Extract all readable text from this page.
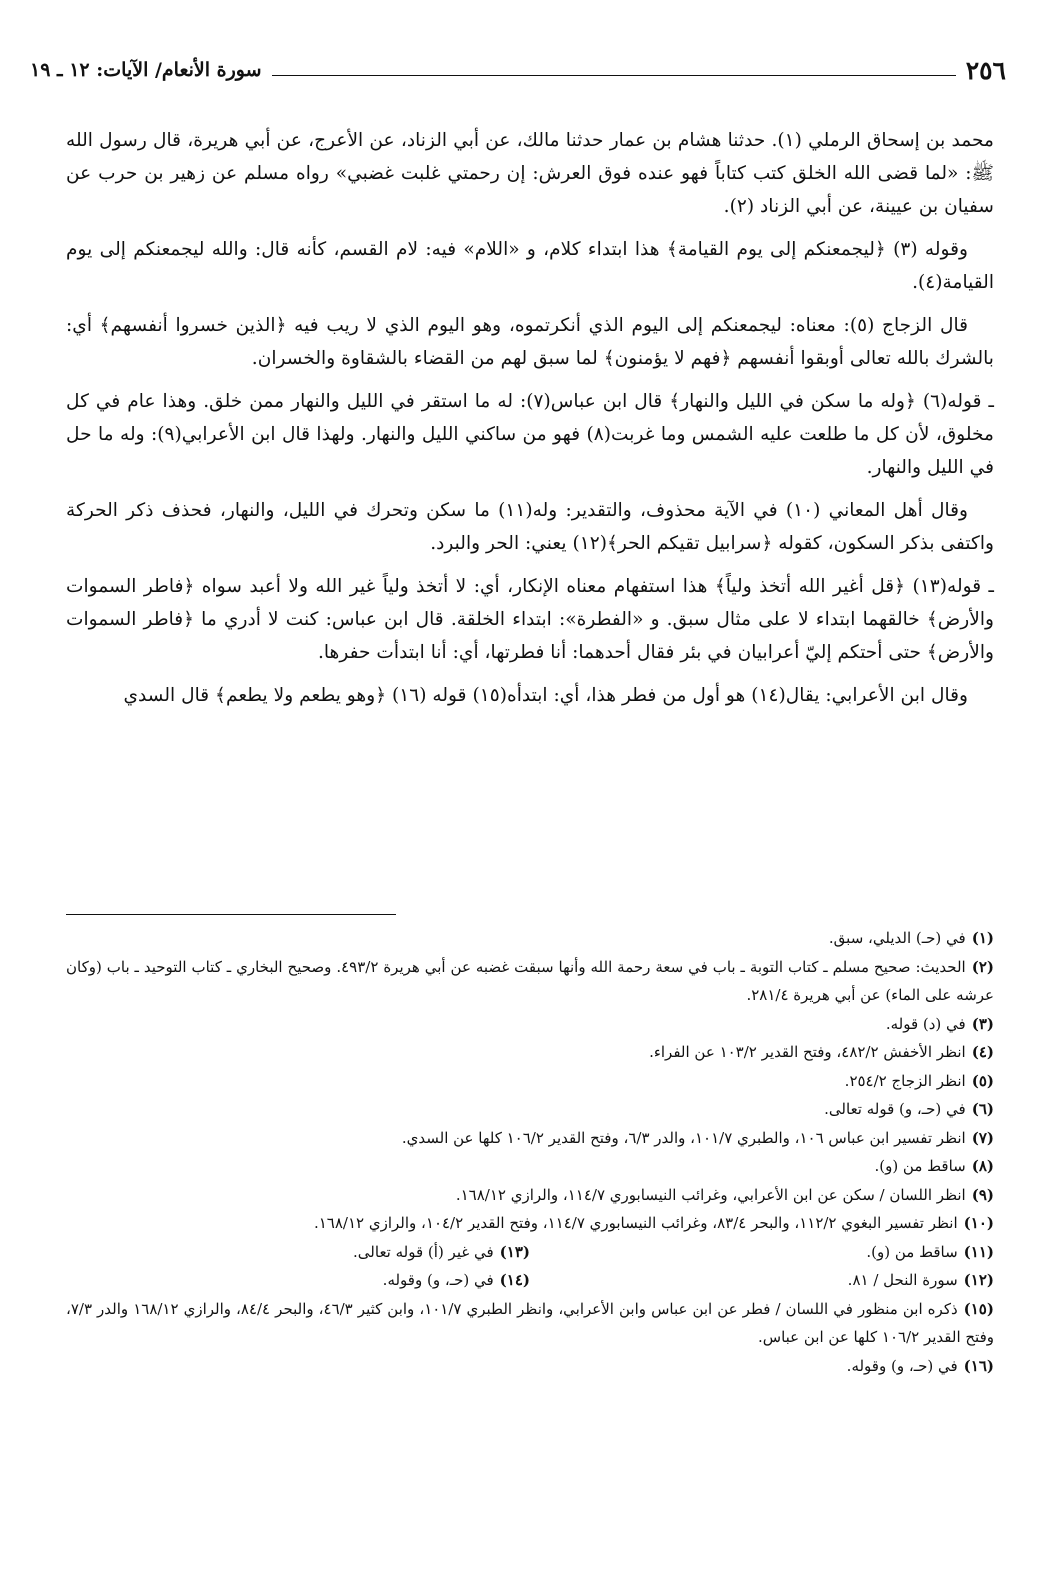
٢٥٦
سورة الأنعام/ الآيات: ١٢ ـ ١٩

محمد بن إسحاق الرملي (١). حدثنا هشام بن عمار حدثنا مالك، عن أبي الزناد، عن الأعرج، عن أبي هريرة، قال رسول الله ﷺ: «لما قضى الله الخلق كتب كتاباً فهو عنده فوق العرش: إن رحمتي غلبت غضبي» رواه مسلم عن زهير بن حرب عن سفيان بن عيينة، عن أبي الزناد (٢).

وقوله (٣) ﴿ليجمعنكم إلى يوم القيامة﴾ هذا ابتداء كلام، و «اللام» فيه: لام القسم، كأنه قال: والله ليجمعنكم إلى يوم القيامة(٤).

قال الزجاج (٥): معناه: ليجمعنكم إلى اليوم الذي أنكرتموه، وهو اليوم الذي لا ريب فيه ﴿الذين خسروا أنفسهم﴾ أي: بالشرك بالله تعالى أوبقوا أنفسهم ﴿فهم لا يؤمنون﴾ لما سبق لهم من القضاء بالشقاوة والخسران.

ـ قوله(٦) ﴿وله ما سكن في الليل والنهار﴾ قال ابن عباس(٧): له ما استقر في الليل والنهار ممن خلق. وهذا عام في كل مخلوق، لأن كل ما طلعت عليه الشمس وما غربت(٨) فهو من ساكني الليل والنهار. ولهذا قال ابن الأعرابي(٩): وله ما حل في الليل والنهار.

وقال أهل المعاني (١٠) في الآية محذوف، والتقدير: وله(١١) ما سكن وتحرك في الليل، والنهار، فحذف ذكر الحركة واكتفى بذكر السكون، كقوله ﴿سرابيل تقيكم الحر﴾(١٢) يعني: الحر والبرد.

ـ قوله(١٣) ﴿قل أغير الله أتخذ ولياً﴾ هذا استفهام معناه الإنكار، أي: لا أتخذ ولياً غير الله ولا أعبد سواه ﴿فاطر السموات والأرض﴾ خالقهما ابتداء لا على مثال سبق. و «الفطرة»: ابتداء الخلقة. قال ابن عباس: كنت لا أدري ما ﴿فاطر السموات والأرض﴾ حتى أحتكم إليّ أعرابيان في بئر فقال أحدهما: أنا فطرتها، أي: أنا ابتدأت حفرها.

وقال ابن الأعرابي: يقال(١٤) هو أول من فطر هذا، أي: ابتدأه(١٥) قوله (١٦) ﴿وهو يطعم ولا يطعم﴾ قال السدي

(١)في (حـ) الديلي، سبق.

(٢)الحديث: صحيح مسلم ـ كتاب التوبة ـ باب في سعة رحمة الله وأنها سبقت غضبه عن أبي هريرة ٤٩٣/٢. وصحيح البخاري ـ كتاب التوحيد ـ باب (وكان عرشه على الماء) عن أبي هريرة ٢٨١/٤.

(٣)في (د) قوله.

(٤)انظر الأخفش ٤٨٢/٢، وفتح القدير ١٠٣/٢ عن الفراء.

(٥)انظر الزجاج ٢٥٤/٢.

(٦)في (حـ، و) قوله تعالى.

(٧)انظر تفسير ابن عباس ١٠٦، والطبري ١٠١/٧، والدر ٦/٣، وفتح القدير ١٠٦/٢ كلها عن السدي.

(٨)ساقط من (و).

(٩)انظر اللسان / سكن عن ابن الأعرابي، وغرائب النيسابوري ١١٤/٧، والرازي ١٦٨/١٢.

(١٠)انظر تفسير البغوي ١١٢/٢، والبحر ٨٣/٤، وغرائب النيسابوري ١١٤/٧، وفتح القدير ١٠٤/٢، والرازي ١٦٨/١٢.

(١١)ساقط من (و).

(١٣)في غير (أ) قوله تعالى.

(١٢)سورة النحل / ٨١.

(١٤)في (حـ، و) وقوله.

(١٥)ذكره ابن منظور في اللسان / فطر عن ابن عباس وابن الأعرابي، وانظر الطبري ١٠١/٧، وابن كثير ٤٦/٣، والبحر ٨٤/٤، والرازي ١٦٨/١٢ والدر ٧/٣، وفتح القدير ١٠٦/٢ كلها عن ابن عباس.

(١٦)في (حـ، و) وقوله.
